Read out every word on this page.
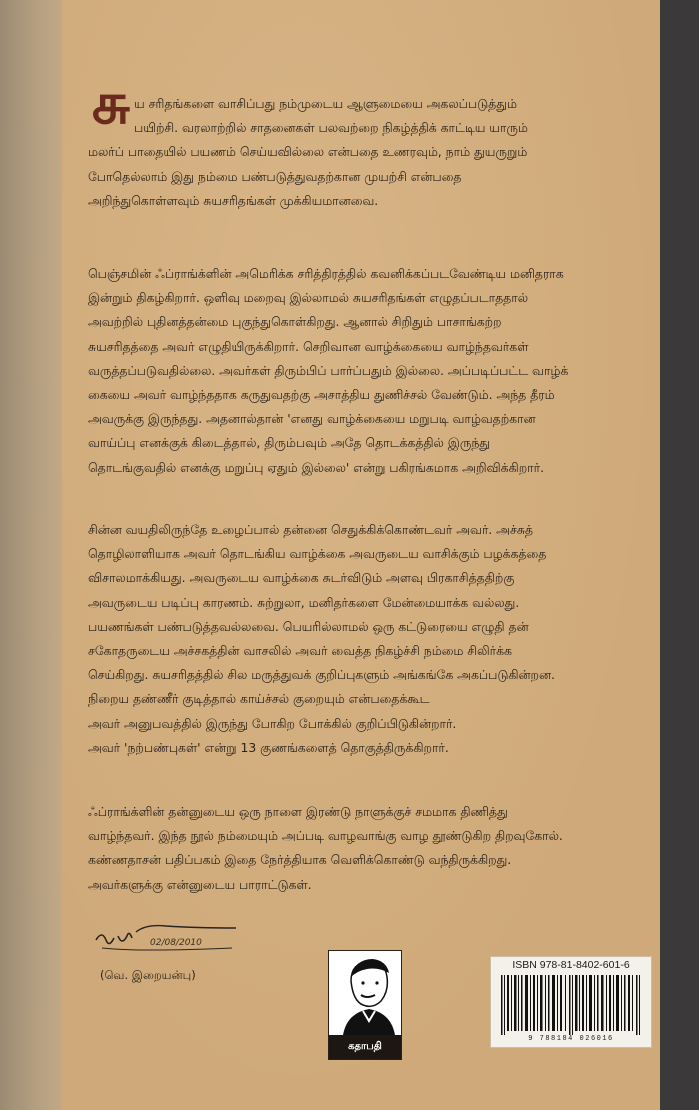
சு ய சரிதங்களை வாசிப்பது நம்முடைய ஆளுமையை அகலப்படுத்தும்
பயிற்சி. வரலாற்றில் சாதனைகள் பலவற்றை நிகழ்த்திக் காட்டிய யாரும்
மலர்ப் பாதையில் பயணம் செய்யவில்லை என்பதை உணரவும், நாம் துயருறும்
போதெல்லாம் இது நம்மை பண்படுத்துவதற்கான முயற்சி என்பதை
அறிந்துகொள்ளவும் சுயசரிதங்கள் முக்கியமானவை.
பெஞ்சமின் ஃப்ராங்க்ளின் அமெரிக்க சரித்திரத்தில் கவனிக்கப்படவேண்டிய மனிதராக
இன்றும் திகழ்கிறார். ஒளிவு மறைவு இல்லாமல் சுயசரிதங்கள் எழுதப்படாததால்
அவற்றில் புதினத்தன்மை புகுந்துகொள்கிறது. ஆனால் சிறிதும் பாசாங்கற்ற
சுயசரிதத்தை அவர் எழுதியிருக்கிறார். செறிவான வாழ்க்கையை வாழ்ந்தவர்கள்
வருத்தப்படுவதில்லை. அவர்கள் திரும்பிப் பார்ப்பதும் இல்லை. அப்படிப்பட்ட வாழ்க்
கையை அவர் வாழ்ந்ததாக கருதுவதற்கு அசாத்திய துணிச்சல் வேண்டும். அந்த தீரம்
அவருக்கு இருந்தது. அதனால்தான் 'எனது வாழ்க்கையை மறுபடி வாழ்வதற்கான
வாய்ப்பு எனக்குக் கிடைத்தால், திரும்பவும் அதே தொடக்கத்தில் இருந்து
தொடங்குவதில் எனக்கு மறுப்பு ஏதும் இல்லை' என்று பகிரங்கமாக அறிவிக்கிறார்.
சின்ன வயதிலிருந்தே உழைப்பால் தன்னை செதுக்கிக்கொண்டவர் அவர். அச்சுத்
தொழிலாளியாக அவர் தொடங்கிய வாழ்க்கை அவருடைய வாசிக்கும் பழக்கத்தை
விசாலமாக்கியது. அவருடைய வாழ்க்கை சுடர்விடும் அளவு பிரகாசித்ததிற்கு
அவருடைய படிப்பு காரணம். சுற்றுலா, மனிதர்களை மேன்மையாக்க வல்லது.
பயணங்கள் பண்படுத்தவல்லவை. பெயரில்லாமல் ஒரு கட்டுரையை எழுதி தன்
சகோதருடைய அச்சகத்தின் வாசலில் அவர் வைத்த நிகழ்ச்சி நம்மை சிலிர்க்க
செய்கிறது. சுயசரிதத்தில் சில மருத்துவக் குறிப்புகளும் அங்கங்கே அகப்படுகின்றன.
நிறைய தண்ணீர் குடித்தால் காய்ச்சல் குறையும் என்பதைக்கூட
அவர் அனுபவத்தில் இருந்து போகிற போக்கில் குறிப்பிடுகின்றார்.
அவர் 'நற்பண்புகள்' என்று 13 குணங்களைத் தொகுத்திருக்கிறார்.
ஃப்ராங்க்ளின் தன்னுடைய ஒரு நாளை இரண்டு நாளுக்குச் சமமாக திணித்து
வாழ்ந்தவர். இந்த நூல் நம்மையும் அப்படி வாழவாங்கு வாழ தூண்டுகிற திறவுகோல்.
கண்ணதாசன் பதிப்பகம் இதை நேர்த்தியாக வெளிக்கொண்டு வந்திருக்கிறது.
அவர்களுக்கு என்னுடைய பாராட்டுகள்.
02/08/2010
(வெ. இறையன்பு)
கதாபதி
ISBN 978-81-8402-601-6
9 788184 026016
